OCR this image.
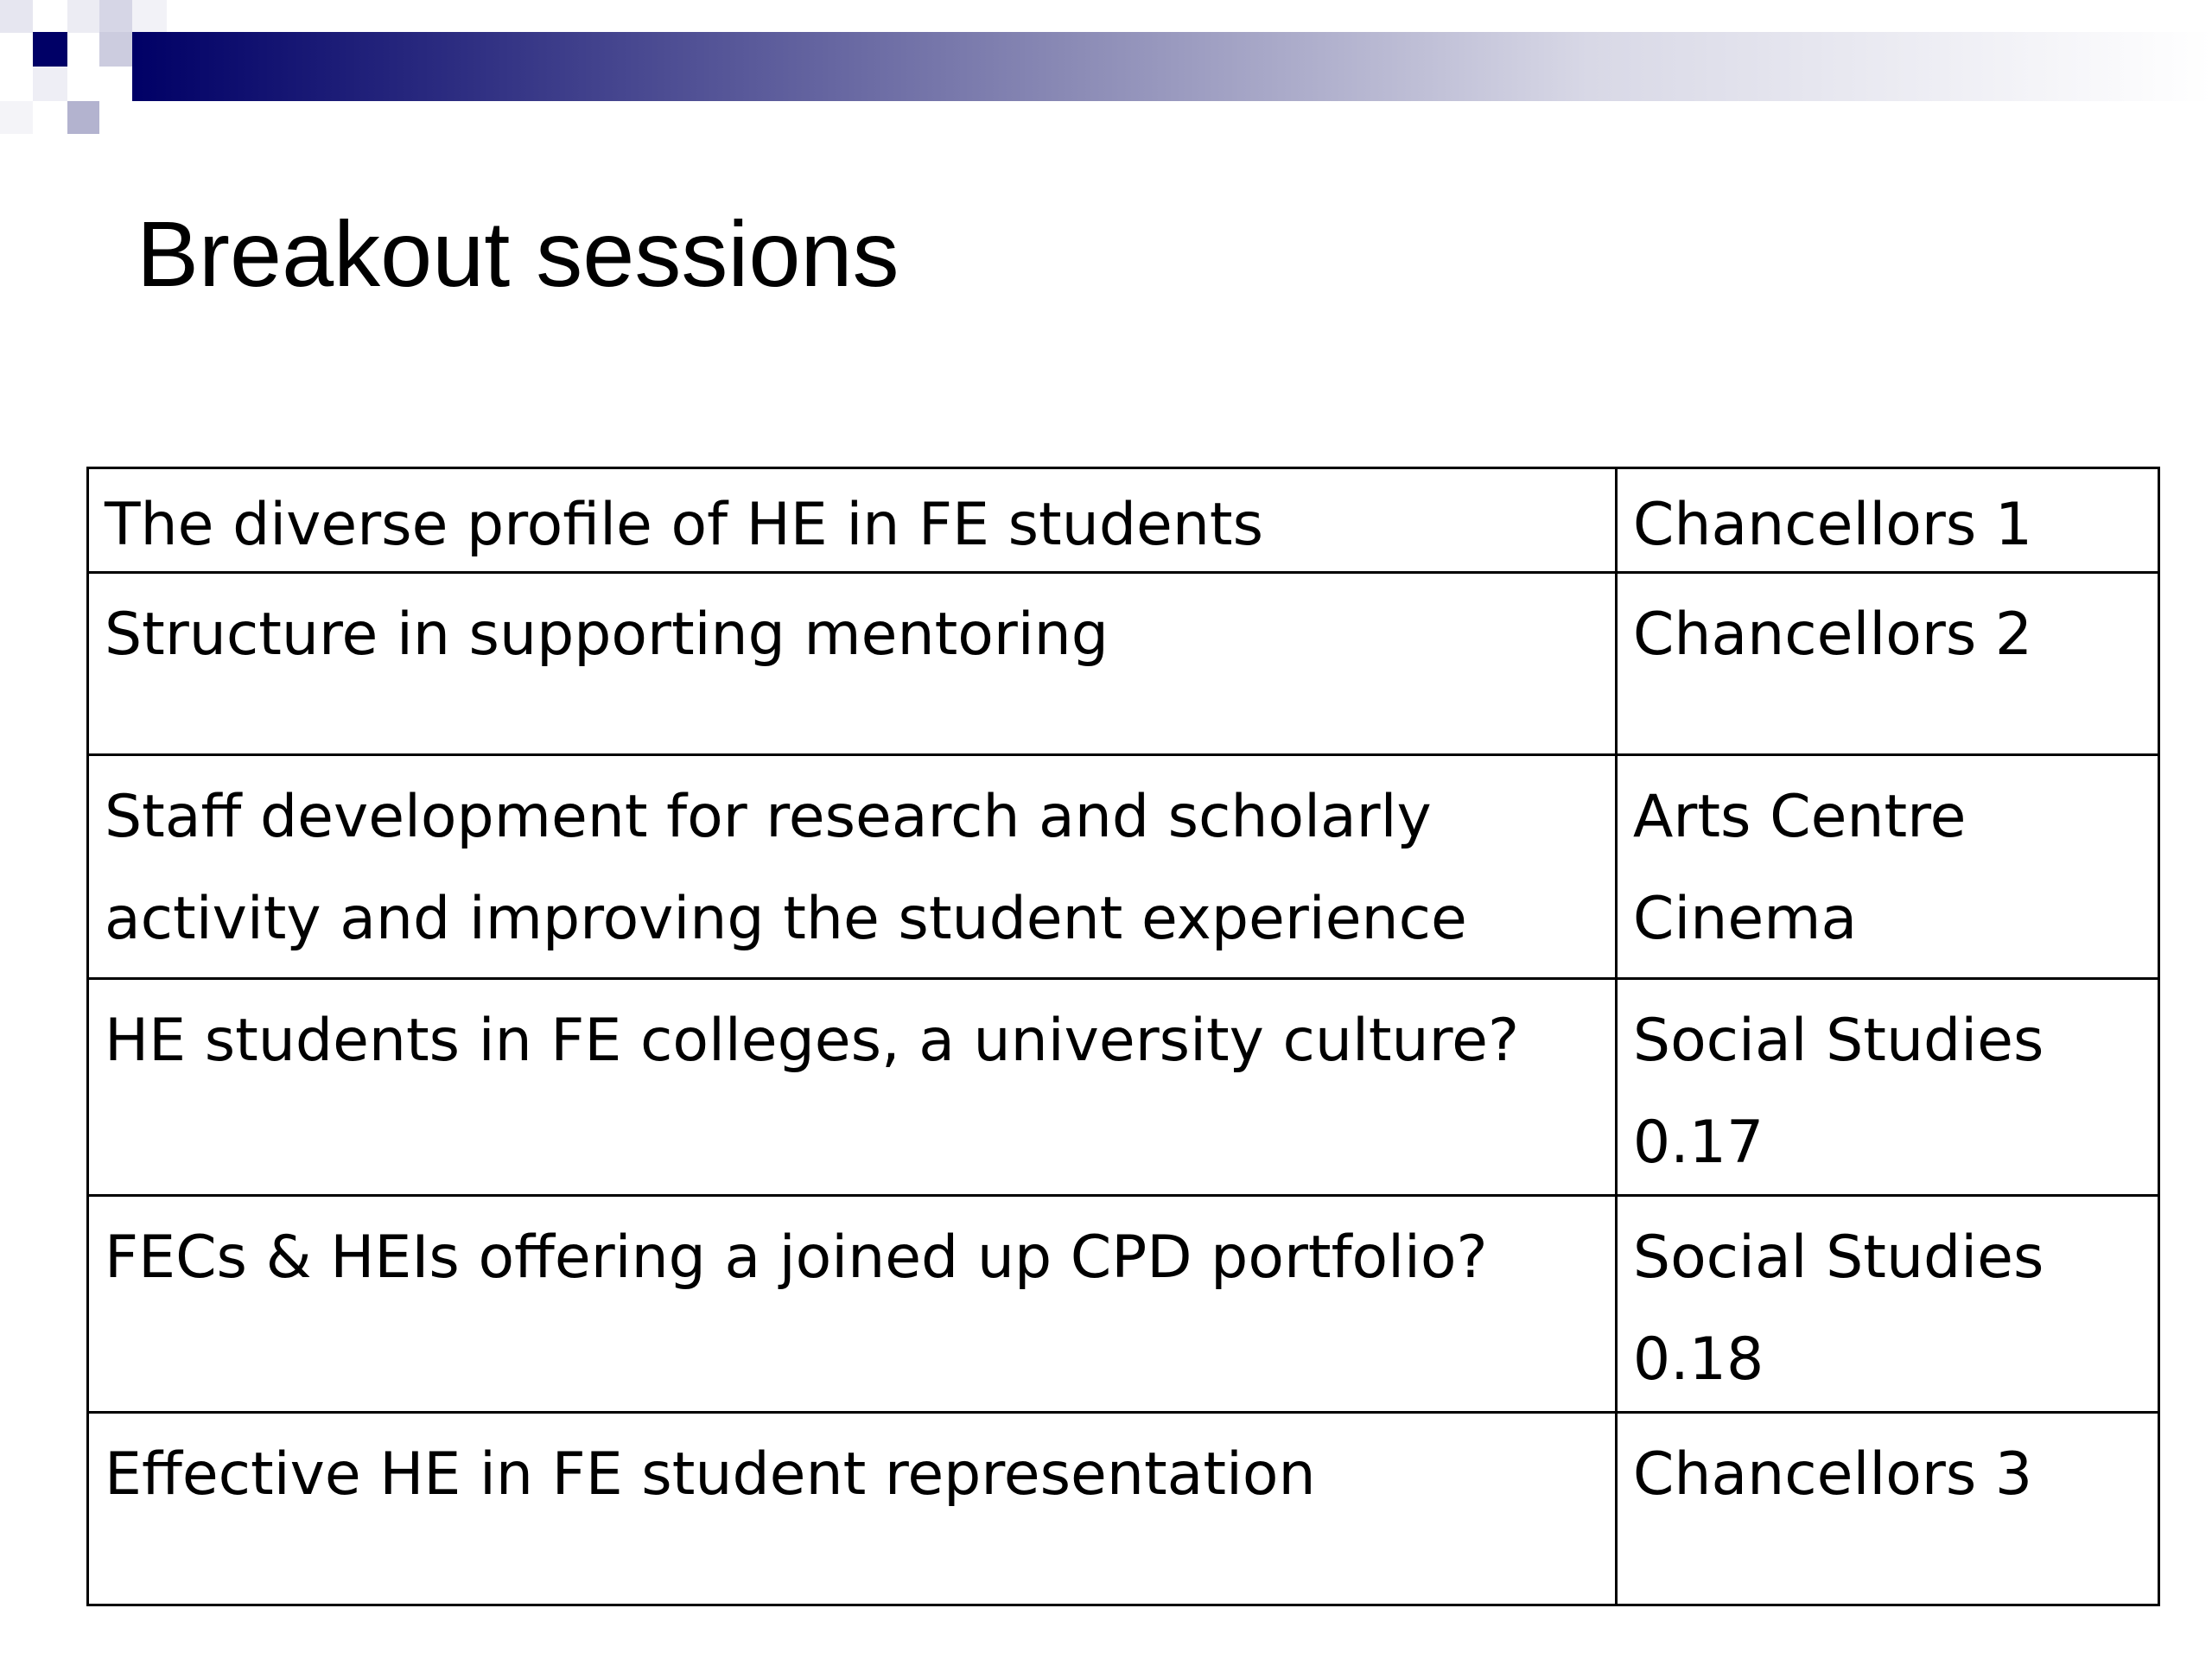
Breakout sessions
The diverse profile of HE in FE students	Chancellors 1
Structure in supporting mentoring	Chancellors 2
Staff development for research and scholarly activity and improving the student experience	Arts Centre Cinema
HE students in FE colleges, a university culture?	Social Studies 0.17
FECs & HEIs offering a joined up CPD portfolio?	Social Studies 0.18
Effective HE in FE student representation	Chancellors 3
